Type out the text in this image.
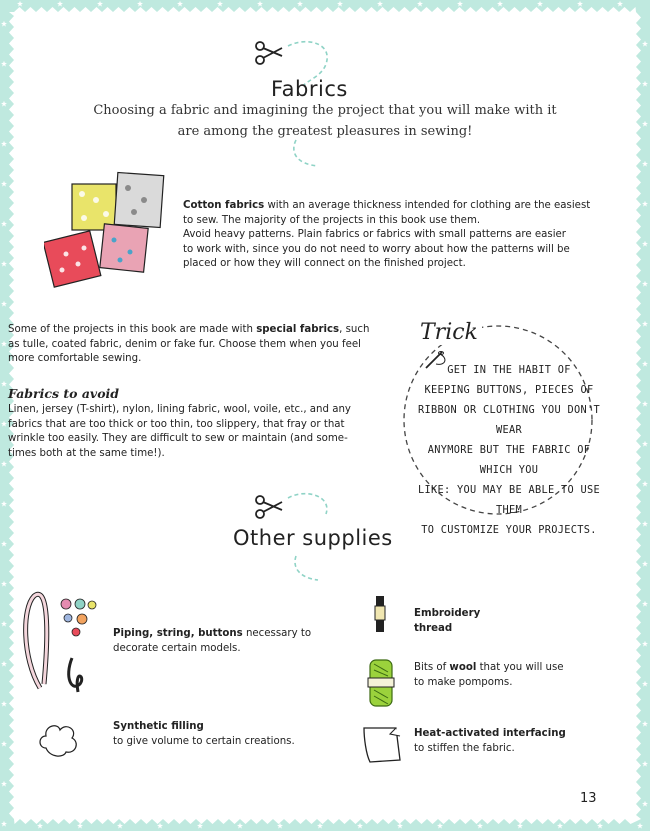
Fabrics
Choosing a fabric and imagining the project that you will make with it
are among the greatest pleasures in sewing!
Cotton fabrics with an average thickness intended for clothing are the easiest
to sew. The majority of the projects in this book use them.
Avoid heavy patterns. Plain fabrics or fabrics with small patterns are easier
to work with, since you do not need to worry about how the patterns will be
placed or how they will connect on the finished project.
Some of the projects in this book are made with special fabrics, such
as tulle, coated fabric, denim or fake fur. Choose them when you feel
more comfortable sewing.
Fabrics to avoid
Linen, jersey (T-shirt), nylon, lining fabric, wool, voile, etc., and any
fabrics that are too thick or too thin, too slippery, that fray or that
wrinkle too easily. They are difficult to sew or maintain (and some-
times both at the same time!).
Trick
GET IN THE HABIT OF
KEEPING BUTTONS, PIECES OF
RIBBON OR CLOTHING YOU DON'T WEAR
ANYMORE BUT THE FABRIC OF WHICH YOU
LIKE: YOU MAY BE ABLE TO USE THEM
TO CUSTOMIZE YOUR PROJECTS.
Other supplies
Piping, string, buttons necessary to
decorate certain models.
Synthetic filling
to give volume to certain creations.
Embroidery
thread
Bits of wool that you will use
to make pompoms.
Heat-activated interfacing
to stiffen the fabric.
13
